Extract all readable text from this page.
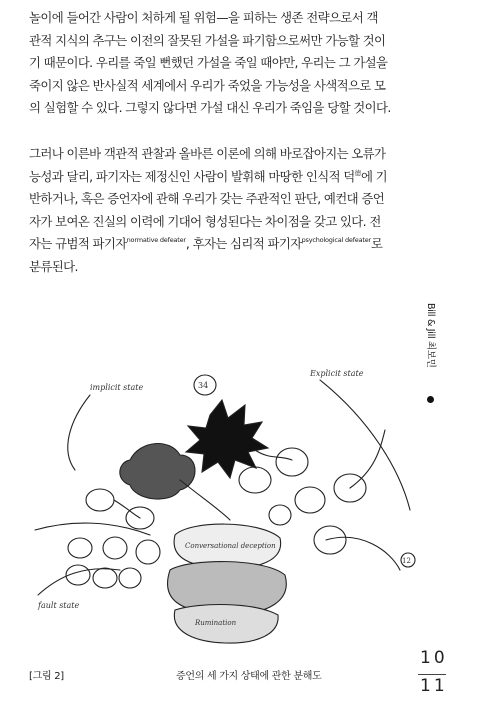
놀이에 들어간 사람이 처하게 될 위험—을 피하는 생존 전략으로서 객

관적 지식의 추구는 이전의 잘못된 가설을 파기함으로써만 가능할 것이

기 때문이다. 우리를 죽일 뻔했던 가설을 죽일 때야만, 우리는 그 가설을

죽이지 않은 반사실적 세계에서 우리가 죽었을 가능성을 사색적으로 모

의 실험할 수 있다. 그렇지 않다면 가설 대신 우리가 죽임을 당할 것이다.

그러나 이른바 객관적 관찰과 올바른 이론에 의해 바로잡아지는 오류가

능성과 달리, 파기자는 제정신인 사람이 발휘해 마땅한 인식적 덕$^德$에 기

반하거나, 혹은 증언자에 관해 우리가 갖는 주관적인 판단, 예컨대 증언

자가 보여온 진실의 이력에 기대어 형성된다는 차이점을 갖고 있다. 전

자는 규범적 파기자$^{normative defeater}$, 후자는 심리적 파기자$^{psychological defeater}$로

분류된다.

Bill & Jill 최보민
implicit state
Explicit state
fault state
34
12
Conversational deception
Rumination
[그림 2]	증언의 세 가지 상태에 관한 분해도
10
11
